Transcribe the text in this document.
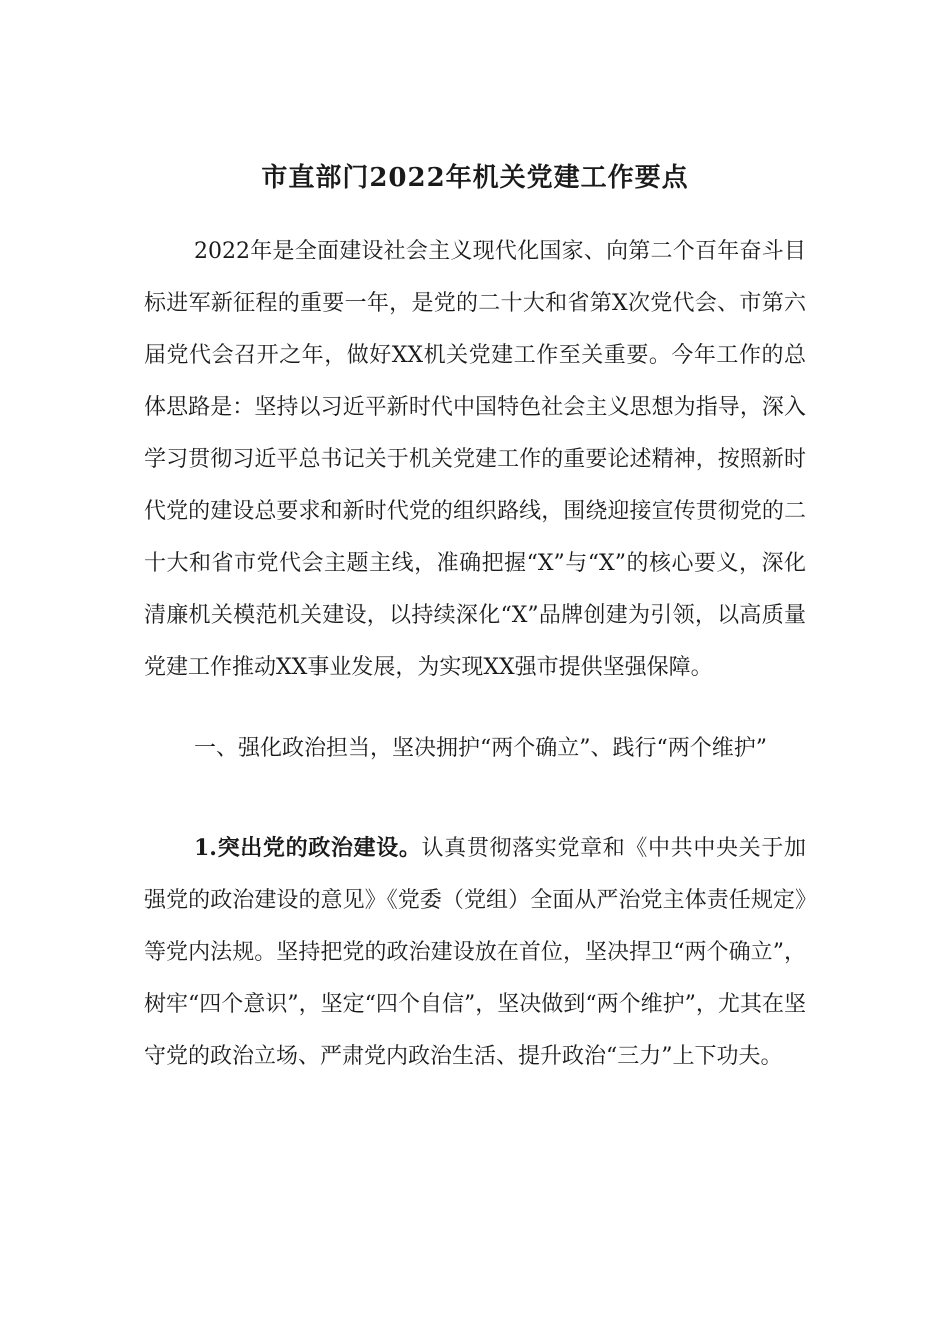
市直部门2022年机关党建工作要点

2022年是全面建设社会主义现代化国家、向第二个百年奋斗目标进军新征程的重要一年，是党的二十大和省第X次党代会、市第六届党代会召开之年，做好XX机关党建工作至关重要。今年工作的总体思路是：坚持以习近平新时代中国特色社会主义思想为指导，深入学习贯彻习近平总书记关于机关党建工作的重要论述精神，按照新时代党的建设总要求和新时代党的组织路线，围绕迎接宣传贯彻党的二十大和省市党代会主题主线，准确把握“X”与“X”的核心要义，深化清廉机关模范机关建设，以持续深化“X”品牌创建为引领，以高质量党建工作推动XX事业发展，为实现XX强市提供坚强保障。

一、强化政治担当，坚决拥护“两个确立”、践行“两个维护”

1.突出党的政治建设。认真贯彻落实党章和《中共中央关于加强党的政治建设的意见》《党委（党组）全面从严治党主体责任规定》等党内法规。坚持把党的政治建设放在首位，坚决捍卫“两个确立”，树牢“四个意识”，坚定“四个自信”，坚决做到“两个维护”，尤其在坚守党的政治立场、严肃党内政治生活、提升政治“三力”上下功夫。
